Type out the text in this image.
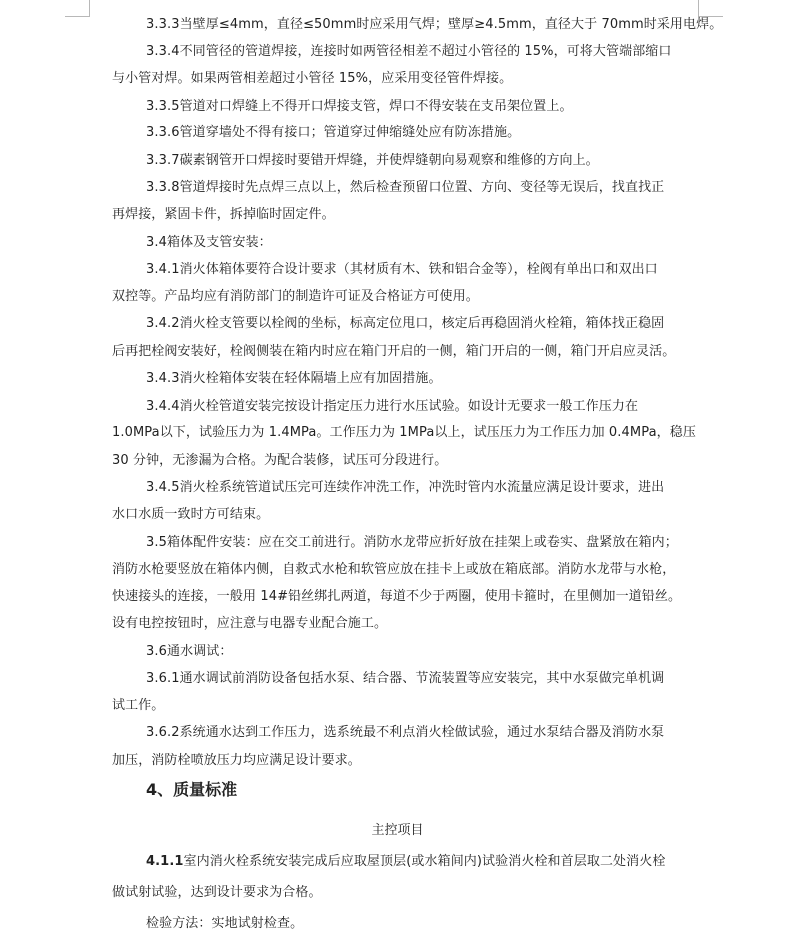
3.3.3当壁厚≤4mm，直径≤50mm时应采用气焊；壁厚≥4.5mm，直径大于 70mm时采用电焊。
3.3.4不同管径的管道焊接，连接时如两管径相差不超过小管径的 15%，可将大管端部缩口
与小管对焊。如果两管相差超过小管径 15%，应采用变径管件焊接。
3.3.5管道对口焊缝上不得开口焊接支管，焊口不得安装在支吊架位置上。
3.3.6管道穿墙处不得有接口；管道穿过伸缩缝处应有防冻措施。
3.3.7碳素钢管开口焊接时要错开焊缝，并使焊缝朝向易观察和维修的方向上。
3.3.8管道焊接时先点焊三点以上，然后检查预留口位置、方向、变径等无误后，找直找正
再焊接，紧固卡件，拆掉临时固定件。
3.4箱体及支管安装：
3.4.1消火体箱体要符合设计要求（其材质有木、铁和铝合金等），栓阀有单出口和双出口
双控等。产品均应有消防部门的制造许可证及合格证方可使用。
3.4.2消火栓支管要以栓阀的坐标，标高定位甩口，核定后再稳固消火栓箱，箱体找正稳固
后再把栓阀安装好，栓阀侧装在箱内时应在箱门开启的一侧，箱门开启的一侧，箱门开启应灵活。
3.4.3消火栓箱体安装在轻体隔墙上应有加固措施。
3.4.4消火栓管道安装完按设计指定压力进行水压试验。如设计无要求一般工作压力在
1.0MPa以下，试验压力为 1.4MPa。工作压力为 1MPa以上，试压压力为工作压力加 0.4MPa，稳压
30 分钟，无渗漏为合格。为配合装修，试压可分段进行。
3.4.5消火栓系统管道试压完可连续作冲洗工作，冲洗时管内水流量应满足设计要求，进出
水口水质一致时方可结束。
3.5箱体配件安装：应在交工前进行。消防水龙带应折好放在挂架上或卷实、盘紧放在箱内；
消防水枪要竖放在箱体内侧，自救式水枪和软管应放在挂卡上或放在箱底部。消防水龙带与水枪，
快速接头的连接，一般用 14#铅丝绑扎两道，每道不少于两圈，使用卡箍时，在里侧加一道铅丝。
设有电控按钮时，应注意与电器专业配合施工。
3.6通水调试：
3.6.1通水调试前消防设备包括水泵、结合器、节流装置等应安装完，其中水泵做完单机调
试工作。
3.6.2系统通水达到工作压力，选系统最不利点消火栓做试验，通过水泵结合器及消防水泵
加压，消防栓喷放压力均应满足设计要求。
4、质量标准
主控项目
4.1.1室内消火栓系统安装完成后应取屋顶层(或水箱间内)试验消火栓和首层取二处消火栓
做试射试验，达到设计要求为合格。
检验方法：实地试射检查。
